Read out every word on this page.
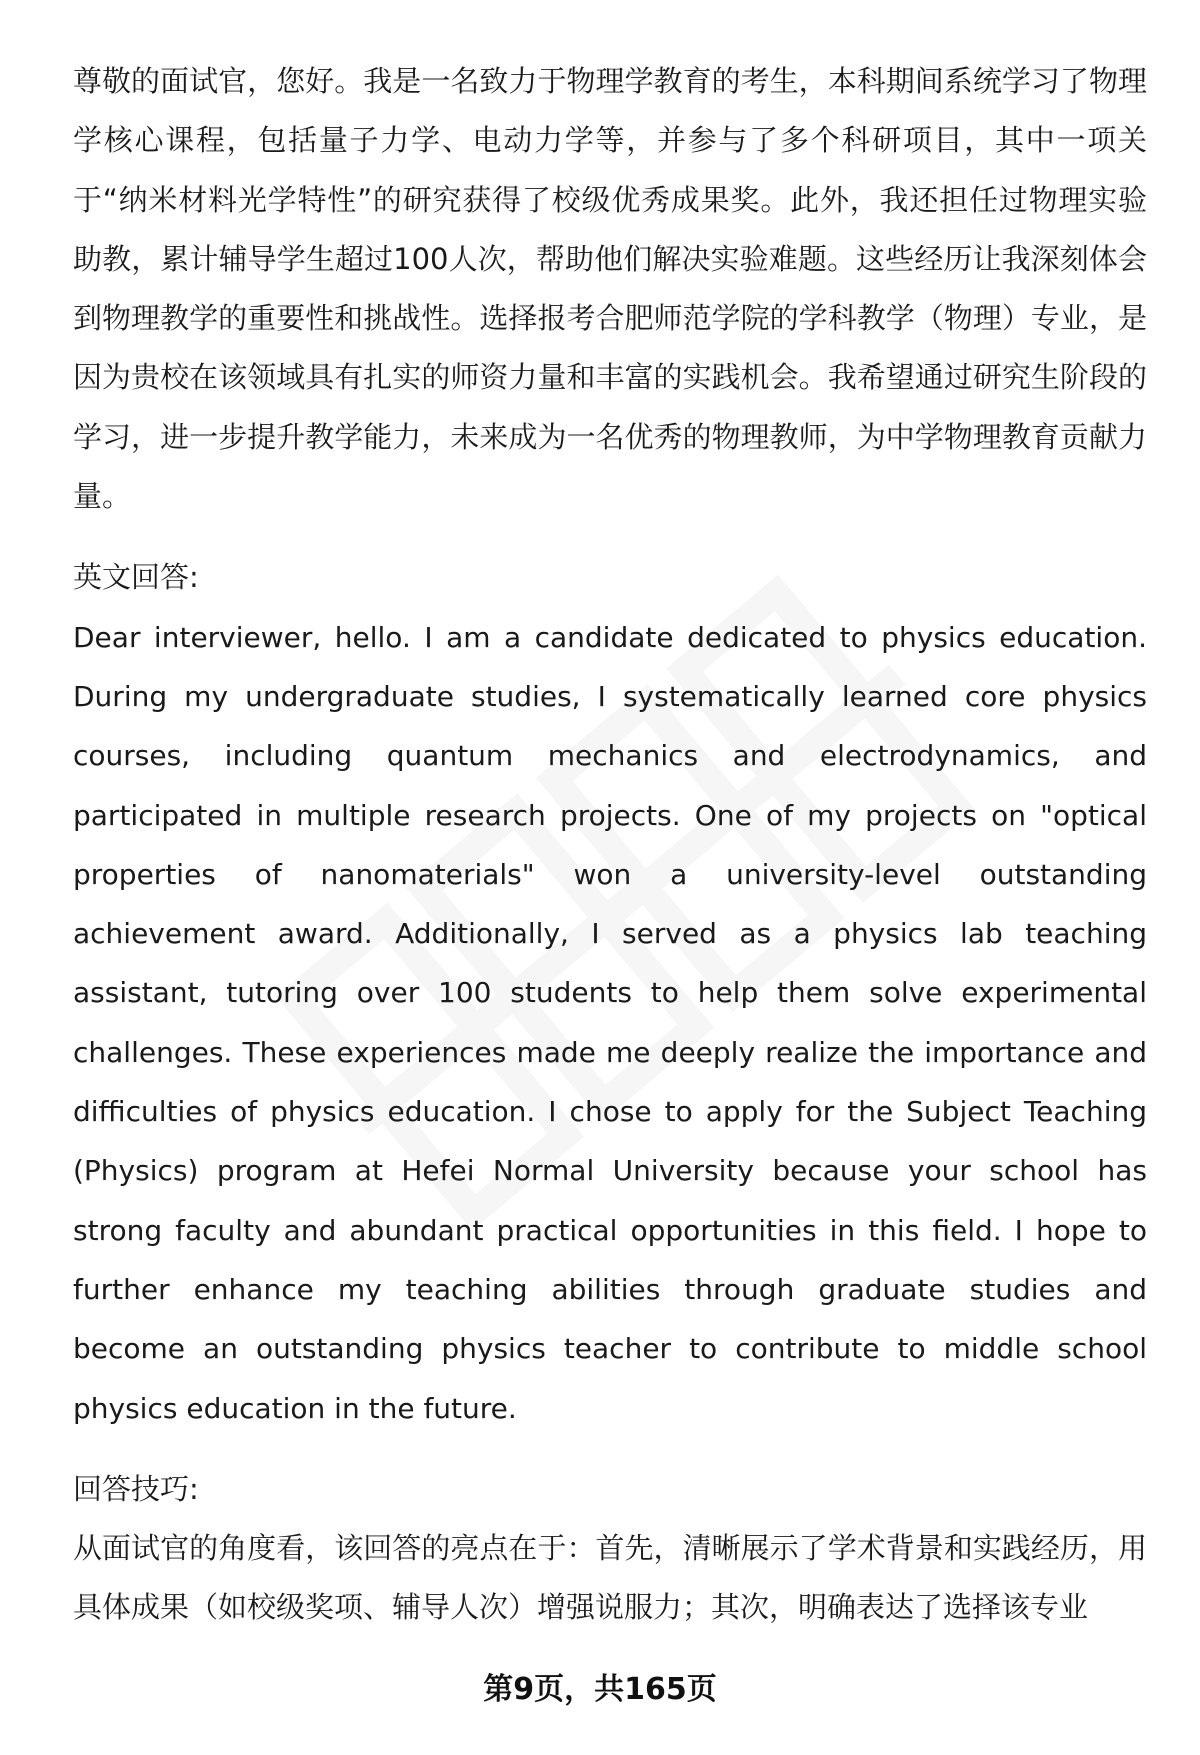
尊敬的面试官，您好。我是一名致力于物理学教育的考生，本科期间系统学习了物理学核心课程，包括量子力学、电动力学等，并参与了多个科研项目，其中一项关于“纳米材料光学特性”的研究获得了校级优秀成果奖。此外，我还担任过物理实验助教，累计辅导学生超过100人次，帮助他们解决实验难题。这些经历让我深刻体会到物理教学的重要性和挑战性。选择报考合肥师范学院的学科教学（物理）专业，是因为贵校在该领域具有扎实的师资力量和丰富的实践机会。我希望通过研究生阶段的学习，进一步提升教学能力，未来成为一名优秀的物理教师，为中学物理教育贡献力量。

英文回答:

Dear interviewer, hello. I am a candidate dedicated to physics education. During my undergraduate studies, I systematically learned core physics courses, including quantum mechanics and electrodynamics, and participated in multiple research projects. One of my projects on "optical properties of nanomaterials" won a university-level outstanding achievement award. Additionally, I served as a physics lab teaching assistant, tutoring over 100 students to help them solve experimental challenges. These experiences made me deeply realize the importance and difficulties of physics education. I chose to apply for the Subject Teaching (Physics) program at Hefei Normal University because your school has strong faculty and abundant practical opportunities in this field. I hope to further enhance my teaching abilities through graduate studies and become an outstanding physics teacher to contribute to middle school physics education in the future.

回答技巧:

从面试官的角度看，该回答的亮点在于：首先，清晰展示了学术背景和实践经历，用具体成果（如校级奖项、辅导人次）增强说服力；其次，明确表达了选择该专业

第9页，共165页
